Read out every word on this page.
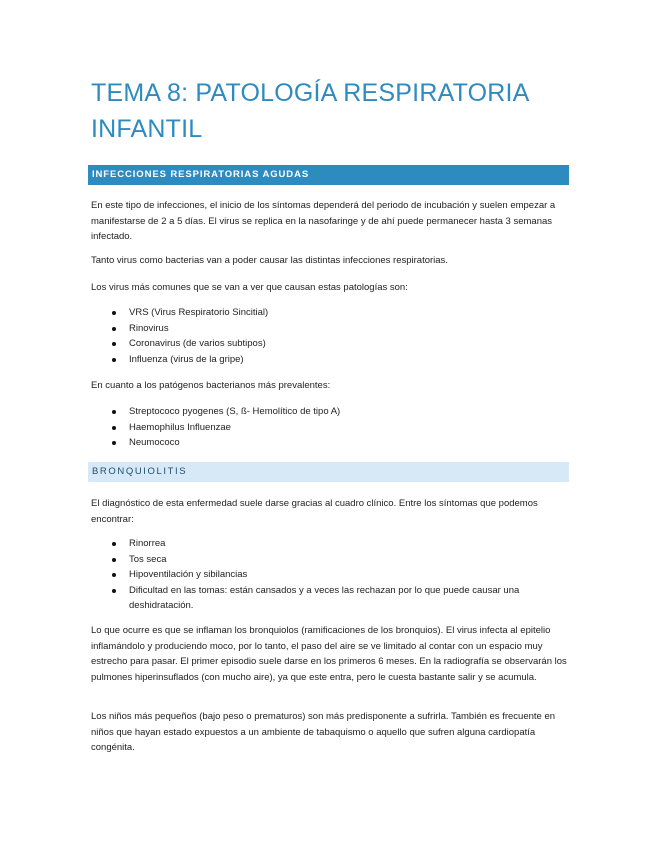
TEMA 8: PATOLOGÍA RESPIRATORIA
INFANTIL
INFECCIONES RESPIRATORIAS AGUDAS

En este tipo de infecciones, el inicio de los síntomas dependerá del periodo de incubación y suelen empezar a manifestarse de 2 a 5 días. El virus se replica en la nasofaringe y de ahí puede permanecer hasta 3 semanas infectado.

Tanto virus como bacterias van a poder causar las distintas infecciones respiratorias.

Los virus más comunes que se van a ver que causan estas patologías son:

VRS (Virus Respiratorio Sincitial)
Rinovirus
Coronavirus (de varios subtipos)
Influenza (virus de la gripe)

En cuanto a los patógenos bacterianos más prevalentes:

Streptococo pyogenes (S, ß- Hemolítico de tipo A)
Haemophilus Influenzae
Neumococo
BRONQUIOLITIS

El diagnóstico de esta enfermedad suele darse gracias al cuadro clínico. Entre los síntomas que podemos encontrar:

Rinorrea
Tos seca
Hipoventilación y sibilancias
Dificultad en las tomas: están cansados y a veces las rechazan por lo que puede causar una deshidratación.

Lo que ocurre es que se inflaman los bronquiolos (ramificaciones de los bronquios). El virus infecta al epitelio inflamándolo y produciendo moco, por lo tanto, el paso del aire se ve limitado al contar con un espacio muy estrecho para pasar. El primer episodio suele darse en los primeros 6 meses. En la radiografía se observarán los pulmones hiperinsuflados (con mucho aire), ya que este entra, pero le cuesta bastante salir y se acumula.

Los niños más pequeños (bajo peso o prematuros) son más predisponente a sufrirla. También es frecuente en niños que hayan estado expuestos a un ambiente de tabaquismo o aquello que sufren alguna cardiopatía congénita.
